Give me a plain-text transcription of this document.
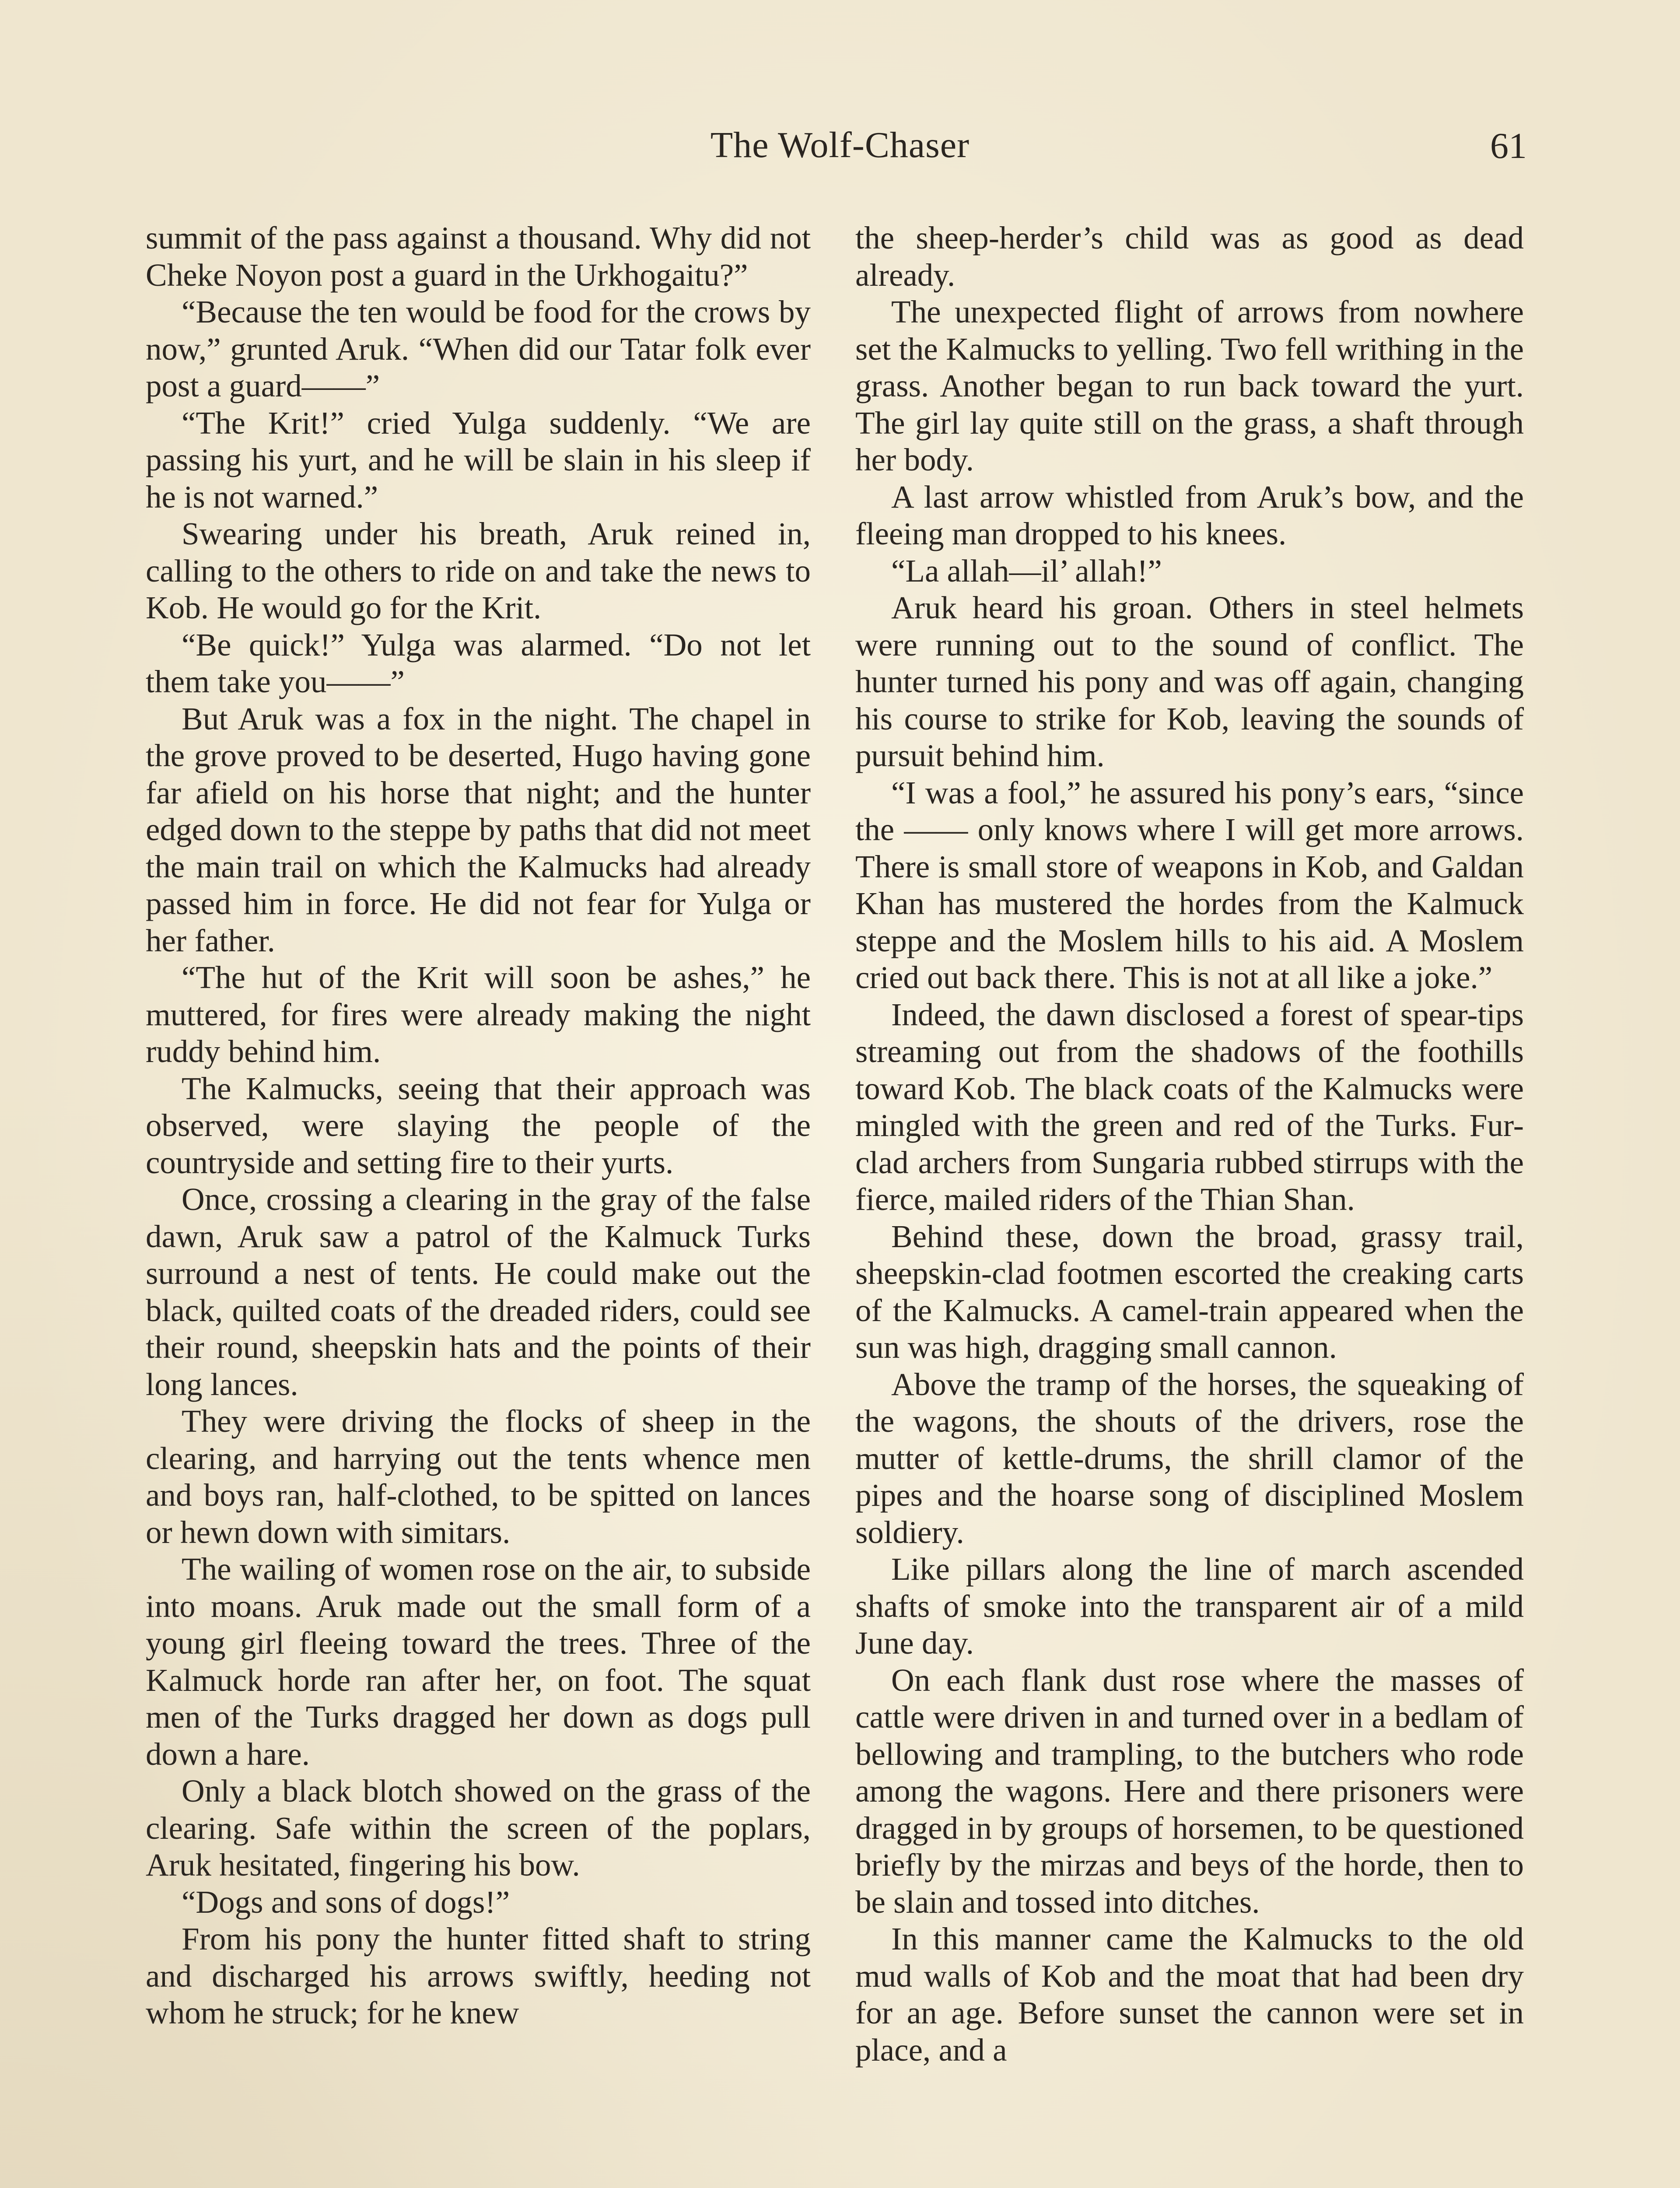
The Wolf-Chaser	61

summit of the pass against a thousand. Why did not Cheke Noyon post a guard in the Urkhogaitu?”

“Because the ten would be food for the crows by now,” grunted Aruk. “When did our Tatar folk ever post a guard——”

“The Krit!” cried Yulga suddenly. “We are passing his yurt, and he will be slain in his sleep if he is not warned.”

Swearing under his breath, Aruk reined in, calling to the others to ride on and take the news to Kob. He would go for the Krit.

“Be quick!” Yulga was alarmed. “Do not let them take you——”

But Aruk was a fox in the night. The chapel in the grove proved to be deserted, Hugo having gone far afield on his horse that night; and the hunter edged down to the steppe by paths that did not meet the main trail on which the Kalmucks had already passed him in force. He did not fear for Yulga or her father.

“The hut of the Krit will soon be ashes,” he muttered, for fires were already making the night ruddy behind him.

The Kalmucks, seeing that their approach was observed, were slaying the people of the countryside and setting fire to their yurts.

Once, crossing a clearing in the gray of the false dawn, Aruk saw a patrol of the Kalmuck Turks surround a nest of tents. He could make out the black, quilted coats of the dreaded riders, could see their round, sheepskin hats and the points of their long lances.

They were driving the flocks of sheep in the clearing, and harrying out the tents whence men and boys ran, half-clothed, to be spitted on lances or hewn down with simitars.

The wailing of women rose on the air, to subside into moans. Aruk made out the small form of a young girl fleeing toward the trees. Three of the Kalmuck horde ran after her, on foot. The squat men of the Turks dragged her down as dogs pull down a hare.

Only a black blotch showed on the grass of the clearing. Safe within the screen of the poplars, Aruk hesitated, fingering his bow.

“Dogs and sons of dogs!”

From his pony the hunter fitted shaft to string and discharged his arrows swiftly, heeding not whom he struck; for he knew

the sheep-herder’s child was as good as dead already.

The unexpected flight of arrows from nowhere set the Kalmucks to yelling. Two fell writhing in the grass. Another began to run back toward the yurt. The girl lay quite still on the grass, a shaft through her body.

A last arrow whistled from Aruk’s bow, and the fleeing man dropped to his knees.

“La allah—il’ allah!”

Aruk heard his groan. Others in steel helmets were running out to the sound of conflict. The hunter turned his pony and was off again, changing his course to strike for Kob, leaving the sounds of pursuit behind him.

“I was a fool,” he assured his pony’s ears, “since the —— only knows where I will get more arrows. There is small store of weapons in Kob, and Galdan Khan has mustered the hordes from the Kalmuck steppe and the Moslem hills to his aid. A Moslem cried out back there. This is not at all like a joke.”

Indeed, the dawn disclosed a forest of spear-tips streaming out from the shadows of the foothills toward Kob. The black coats of the Kalmucks were mingled with the green and red of the Turks. Fur-clad archers from Sungaria rubbed stirrups with the fierce, mailed riders of the Thian Shan.

Behind these, down the broad, grassy trail, sheepskin-clad footmen escorted the creaking carts of the Kalmucks. A camel-train appeared when the sun was high, dragging small cannon.

Above the tramp of the horses, the squeaking of the wagons, the shouts of the drivers, rose the mutter of kettle-drums, the shrill clamor of the pipes and the hoarse song of disciplined Moslem soldiery.

Like pillars along the line of march ascended shafts of smoke into the transparent air of a mild June day.

On each flank dust rose where the masses of cattle were driven in and turned over in a bedlam of bellowing and trampling, to the butchers who rode among the wagons. Here and there prisoners were dragged in by groups of horsemen, to be questioned briefly by the mirzas and beys of the horde, then to be slain and tossed into ditches.

In this manner came the Kalmucks to the old mud walls of Kob and the moat that had been dry for an age. Before sunset the cannon were set in place, and a
